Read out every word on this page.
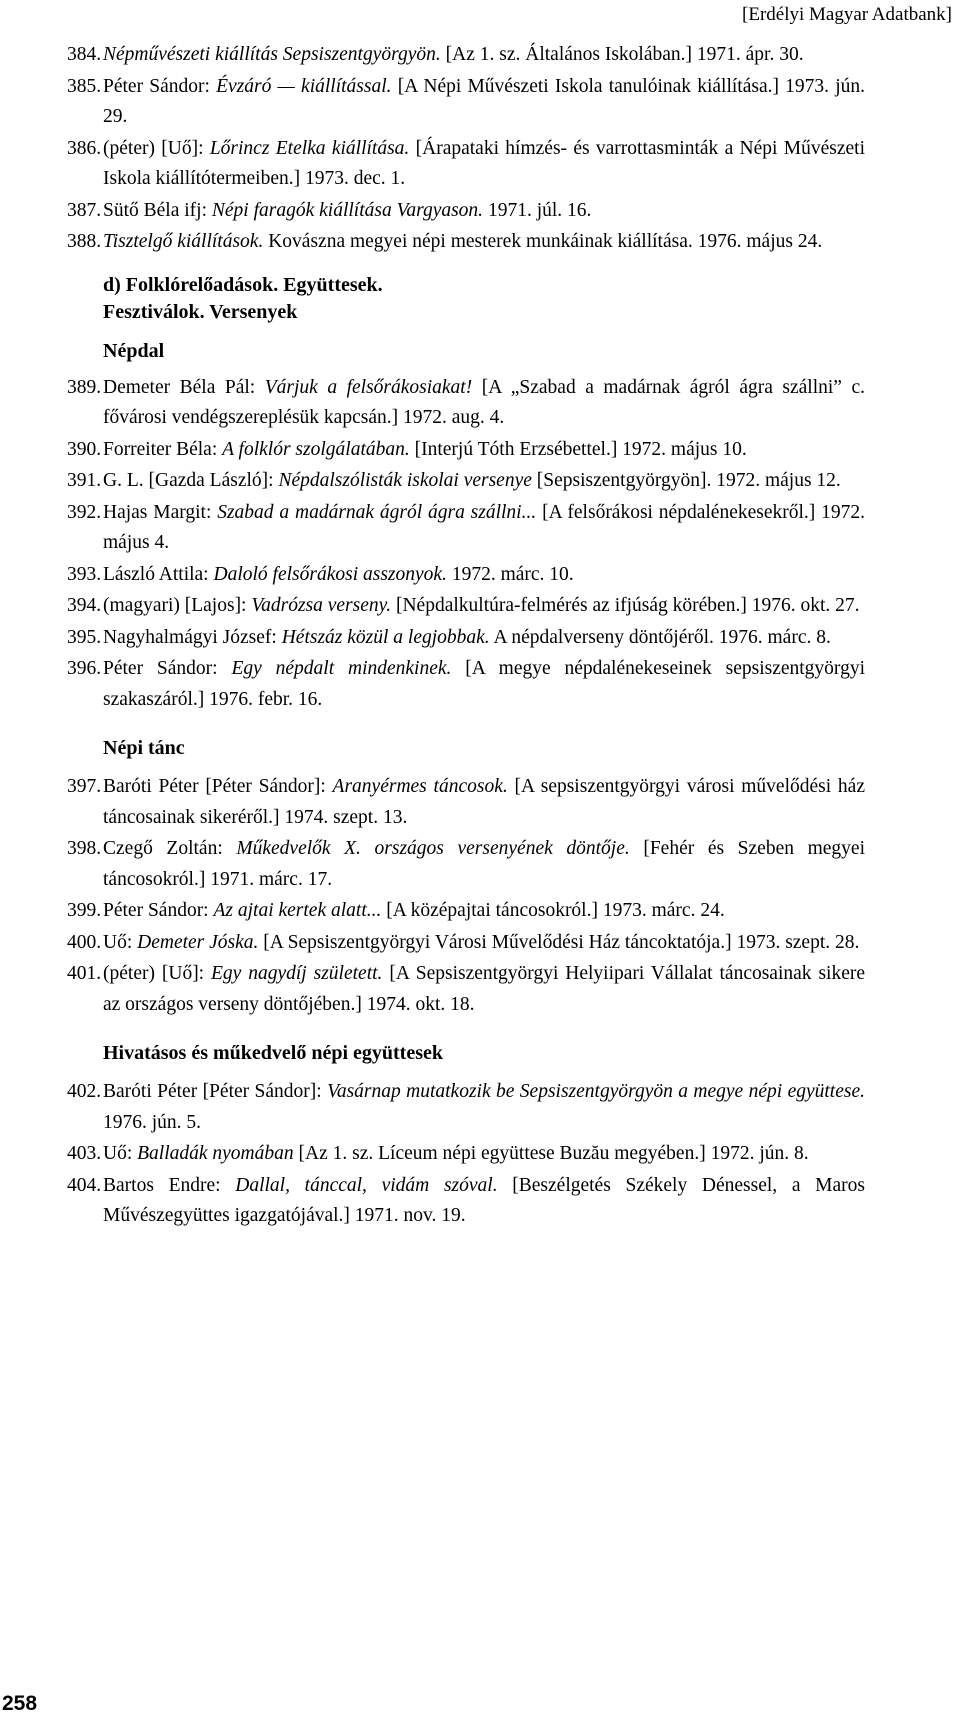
[Erdélyi Magyar Adatbank]
384. Népművészeti kiállítás Sepsiszentgyörgyön. [Az 1. sz. Általános Iskolában.] 1971. ápr. 30.

385. Péter Sándor: Évzáró — kiállítással. [A Népi Művészeti Iskola tanulóinak kiállítása.] 1973. jún. 29.

386. (péter) [Uő]: Lőrincz Etelka kiállítása. [Árapataki hímzés- és varrottasminták a Népi Művészeti Iskola kiállítótermeiben.] 1973. dec. 1.

387. Sütő Béla ifj: Népi faragók kiállítása Vargyason. 1971. júl. 16.

388. Tisztelgő kiállítások. Kovászna megyei népi mesterek munkáinak kiállítása. 1976. május 24.

d) Folklórelőadások. Együttesek.
Fesztiválok. Versenyek
Népdal
389. Demeter Béla Pál: Várjuk a felsőrákosiakat! [A „Szabad a madárnak ágról ágra szállni” c. fővárosi vendégszereplésük kapcsán.] 1972. aug. 4.

390. Forreiter Béla: A folklór szolgálatában. [Interjú Tóth Erzsébettel.] 1972. május 10.

391. G. L. [Gazda László]: Népdalszólisták iskolai versenye [Sepsiszentgyörgyön]. 1972. május 12.

392. Hajas Margit: Szabad a madárnak ágról ágra szállni... [A felsőrákosi népdalénekesekről.] 1972. május 4.

393. László Attila: Daloló felsőrákosi asszonyok. 1972. márc. 10.

394. (magyari) [Lajos]: Vadrózsa verseny. [Népdalkultúra-felmérés az ifjúság körében.] 1976. okt. 27.

395. Nagyhalmágyi József: Hétszáz közül a legjobbak. A népdalverseny döntőjéről. 1976. márc. 8.

396. Péter Sándor: Egy népdalt mindenkinek. [A megye népdalénekeseinek sepsiszentgyörgyi szakaszáról.] 1976. febr. 16.

Népi tánc
397. Baróti Péter [Péter Sándor]: Aranyérmes táncosok. [A sepsiszentgyörgyi városi művelődési ház táncosainak sikeréről.] 1974. szept. 13.

398. Czegő Zoltán: Műkedvelők X. országos versenyének döntője. [Fehér és Szeben megyei táncosokról.] 1971. márc. 17.

399. Péter Sándor: Az ajtai kertek alatt... [A középajtai táncosokról.] 1973. márc. 24.

400. Uő: Demeter Jóska. [A Sepsiszentgyörgyi Városi Művelődési Ház táncoktatója.] 1973. szept. 28.

401. (péter) [Uő]: Egy nagydíj született. [A Sepsiszentgyörgyi Helyiipari Vállalat táncosainak sikere az országos verseny döntőjében.] 1974. okt. 18.

Hivatásos és műkedvelő népi együttesek
402. Baróti Péter [Péter Sándor]: Vasárnap mutatkozik be Sepsiszentgyörgyön a megye népi együttese. 1976. jún. 5.

403. Uő: Balladák nyomában [Az 1. sz. Líceum népi együttese Buzău megyében.] 1972. jún. 8.

404. Bartos Endre: Dallal, tánccal, vidám szóval. [Beszélgetés Székely Dénessel, a Maros Művészegyüttes igazgatójával.] 1971. nov. 19.

258
